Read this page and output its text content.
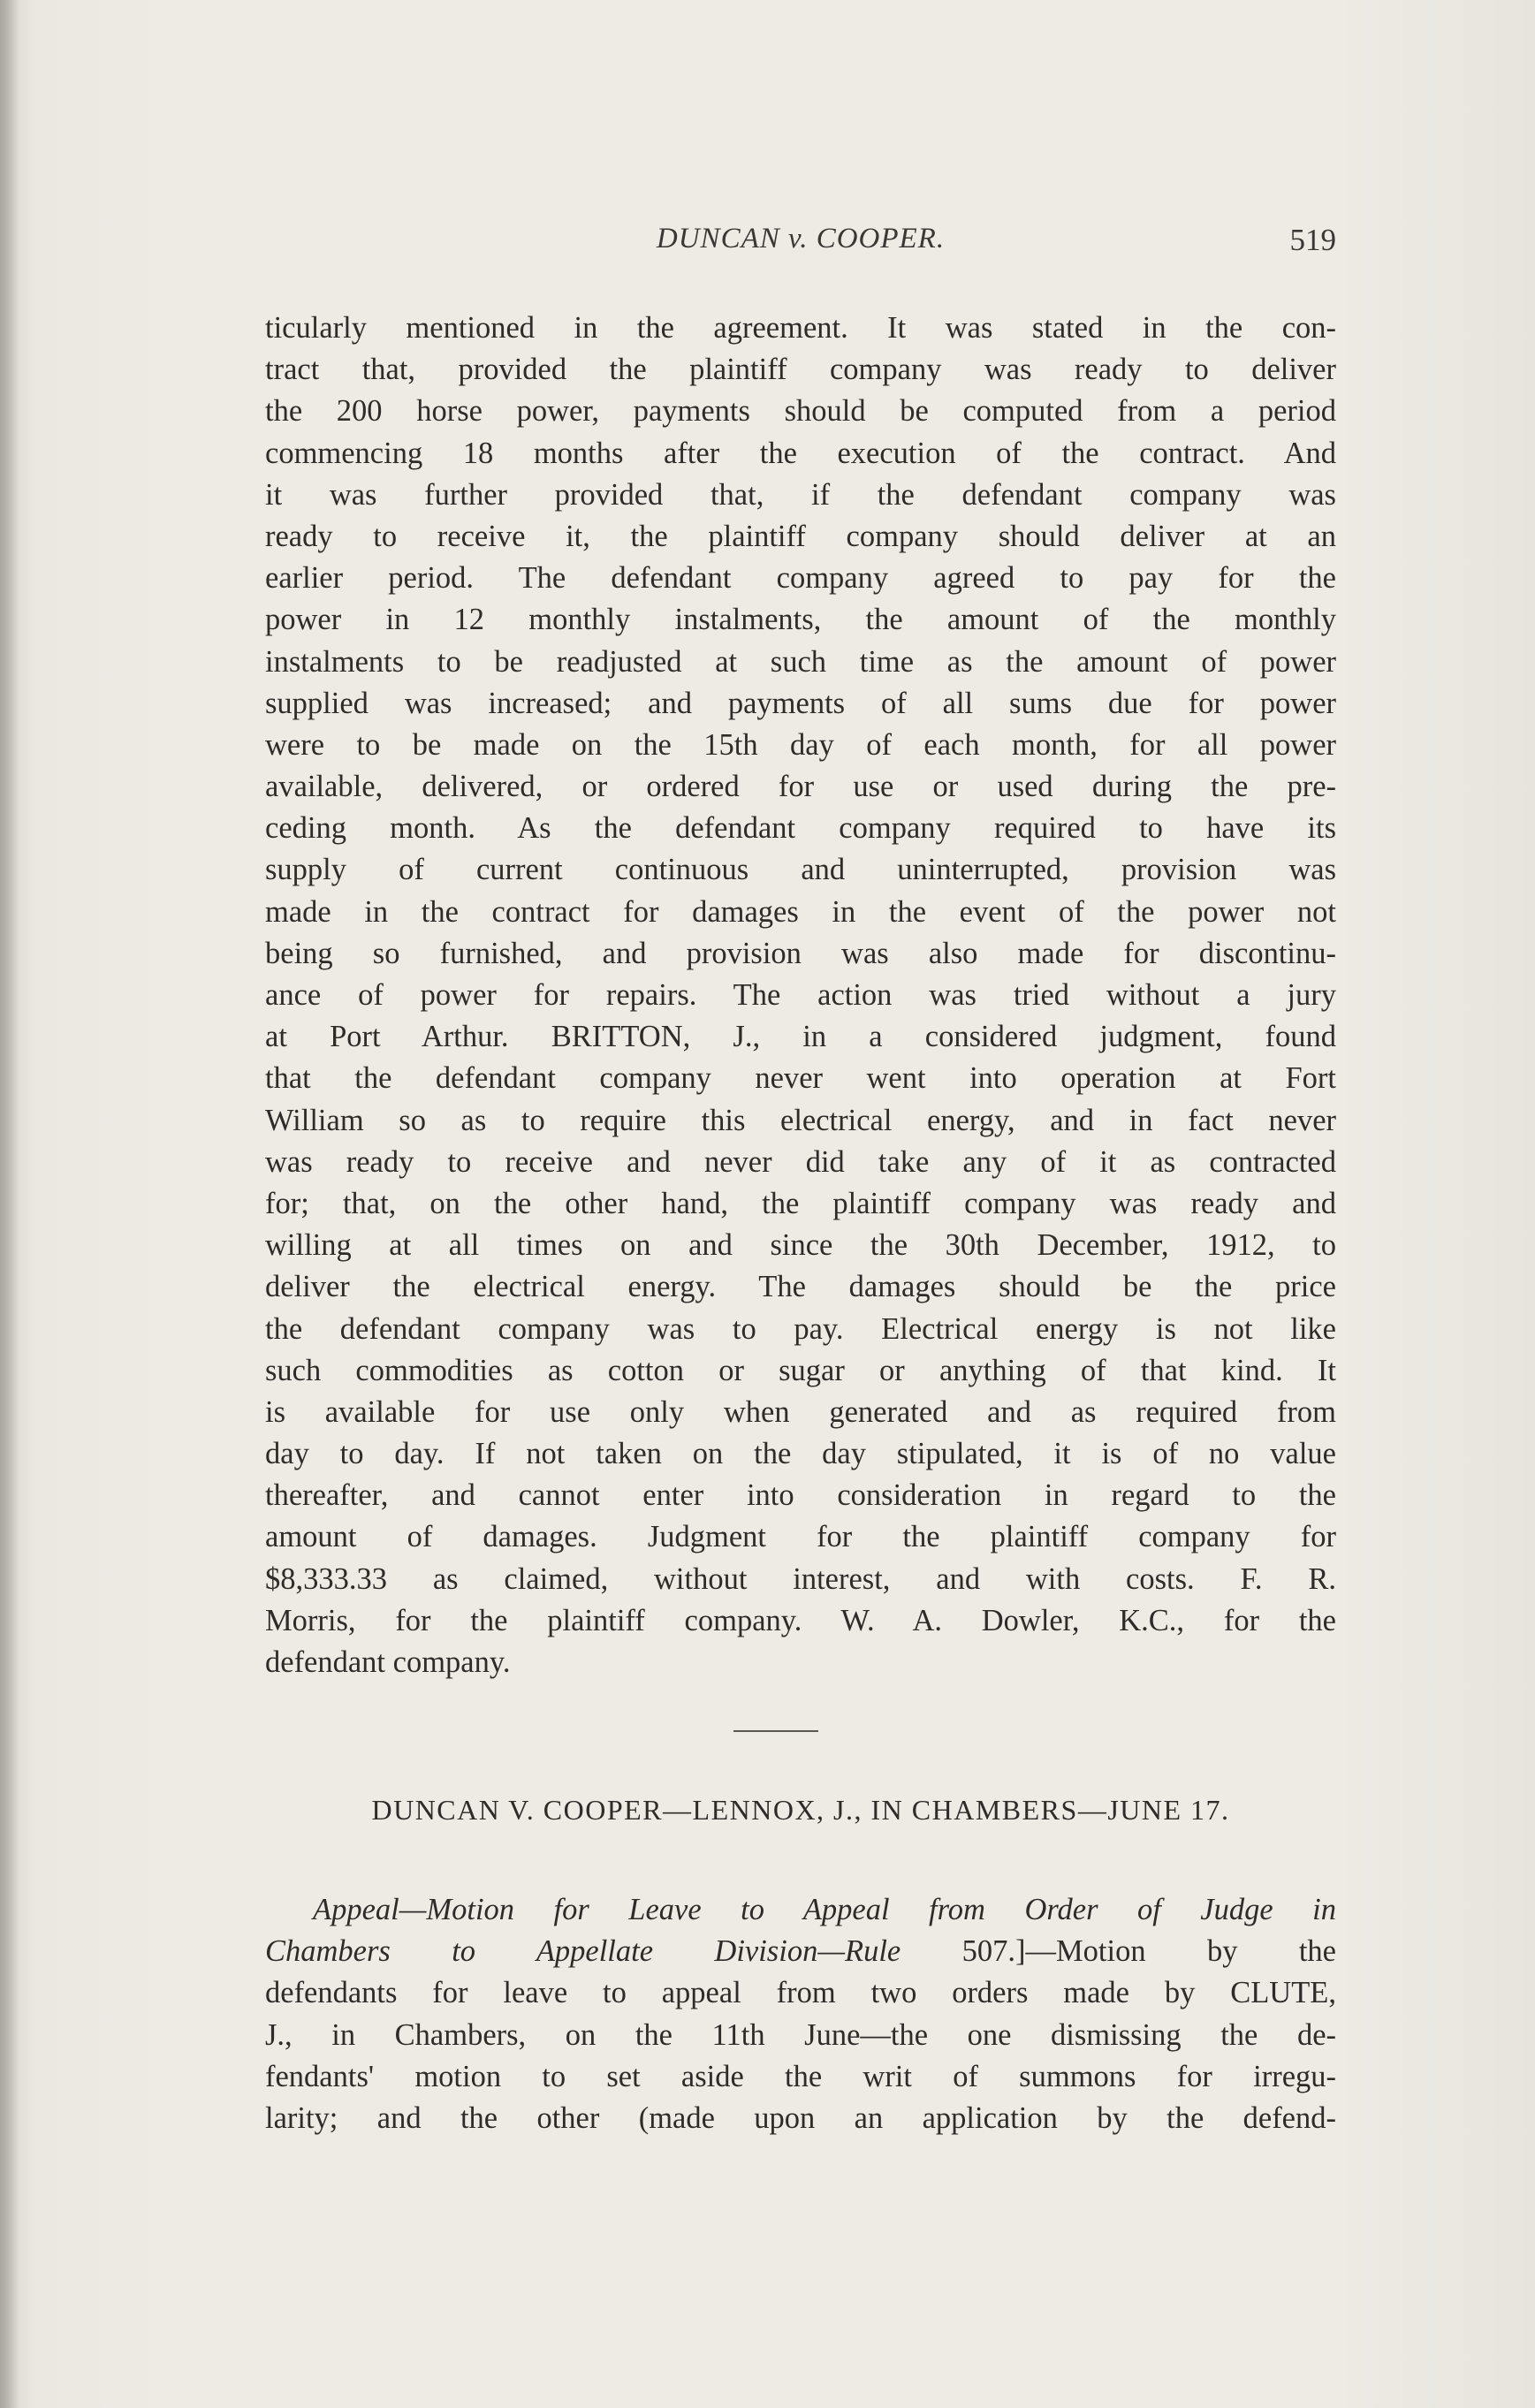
DUNCAN v. COOPER.	519
ticularly mentioned in the agreement. It was stated in the con-
tract that, provided the plaintiff company was ready to deliver
the 200 horse power, payments should be computed from a period
commencing 18 months after the execution of the contract. And
it was further provided that, if the defendant company was
ready to receive it, the plaintiff company should deliver at an
earlier period. The defendant company agreed to pay for the
power in 12 monthly instalments, the amount of the monthly
instalments to be readjusted at such time as the amount of power
supplied was increased; and payments of all sums due for power
were to be made on the 15th day of each month, for all power
available, delivered, or ordered for use or used during the pre-
ceding month. As the defendant company required to have its
supply of current continuous and uninterrupted, provision was
made in the contract for damages in the event of the power not
being so furnished, and provision was also made for discontinu-
ance of power for repairs. The action was tried without a jury
at Port Arthur. BRITTON, J., in a considered judgment, found
that the defendant company never went into operation at Fort
William so as to require this electrical energy, and in fact never
was ready to receive and never did take any of it as contracted
for; that, on the other hand, the plaintiff company was ready and
willing at all times on and since the 30th December, 1912, to
deliver the electrical energy. The damages should be the price
the defendant company was to pay. Electrical energy is not like
such commodities as cotton or sugar or anything of that kind. It
is available for use only when generated and as required from
day to day. If not taken on the day stipulated, it is of no value
thereafter, and cannot enter into consideration in regard to the
amount of damages. Judgment for the plaintiff company for
$8,333.33 as claimed, without interest, and with costs. F. R.
Morris, for the plaintiff company. W. A. Dowler, K.C., for the
defendant company.
DUNCAN V. COOPER—LENNOX, J., IN CHAMBERS—JUNE 17.
Appeal—Motion for Leave to Appeal from Order of Judge in
Chambers to Appellate Division—Rule 507.]—Motion by the
defendants for leave to appeal from two orders made by CLUTE,
J., in Chambers, on the 11th June—the one dismissing the de-
fendants' motion to set aside the writ of summons for irregu-
larity; and the other (made upon an application by the defend-
